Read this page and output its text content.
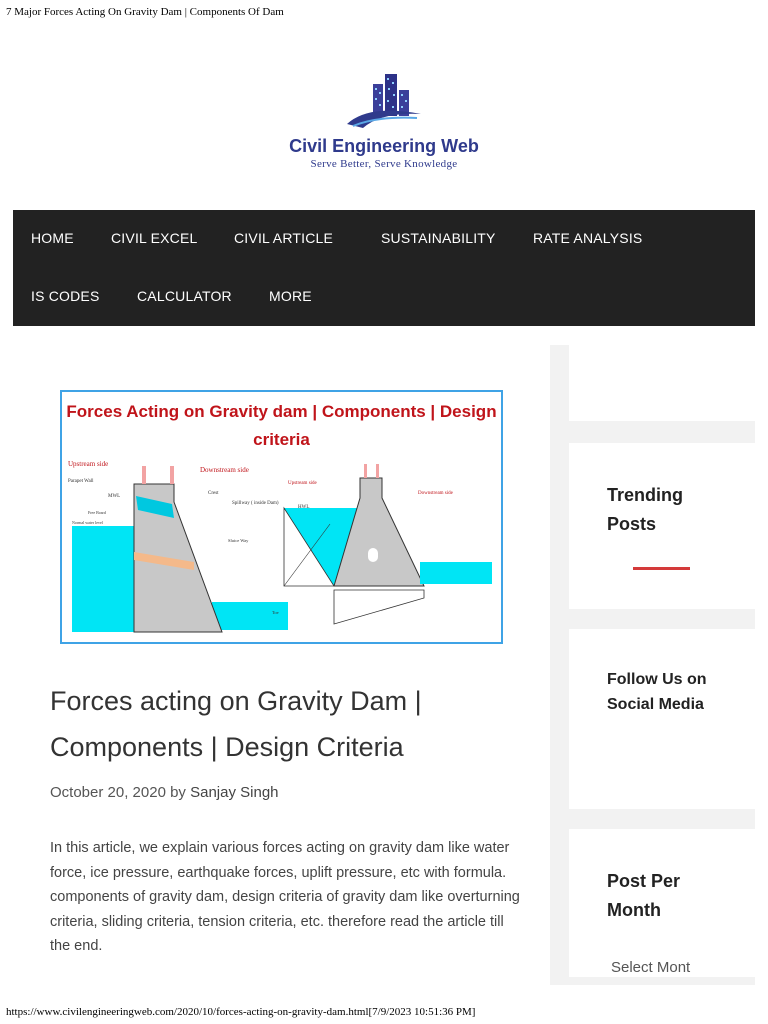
7 Major Forces Acting On Gravity Dam | Components Of Dam
Civil Engineering Web
Serve Better, Serve Knowledge
HOME	CIVIL EXCEL	CIVIL ARTICLE	SUSTAINABILITY	RATE ANALYSIS
IS CODES	CALCULATOR	MORE
Forces Acting on Gravity dam | Components | Design
criteria
Upstream side
Downstream side
Parapet Wall
MWL
Crest
Spillway ( inside Dam)
Free Board
Normal water level
Sluice Way
Toe
Upstream side
Downstream side
HWL
Forces acting on Gravity Dam | Components | Design Criteria
October 20, 2020 by Sanjay Singh
In this article, we explain various forces acting on gravity dam like water force, ice pressure, earthquake forces, uplift pressure, etc with formula. components of gravity dam, design criteria of gravity dam like overturning criteria, sliding criteria, tension criteria, etc. therefore read the article till the end.
Trending Posts
Follow Us on Social Media
Post Per Month
Select Mont
https://www.civilengineeringweb.com/2020/10/forces-acting-on-gravity-dam.html[7/9/2023 10:51:36 PM]
